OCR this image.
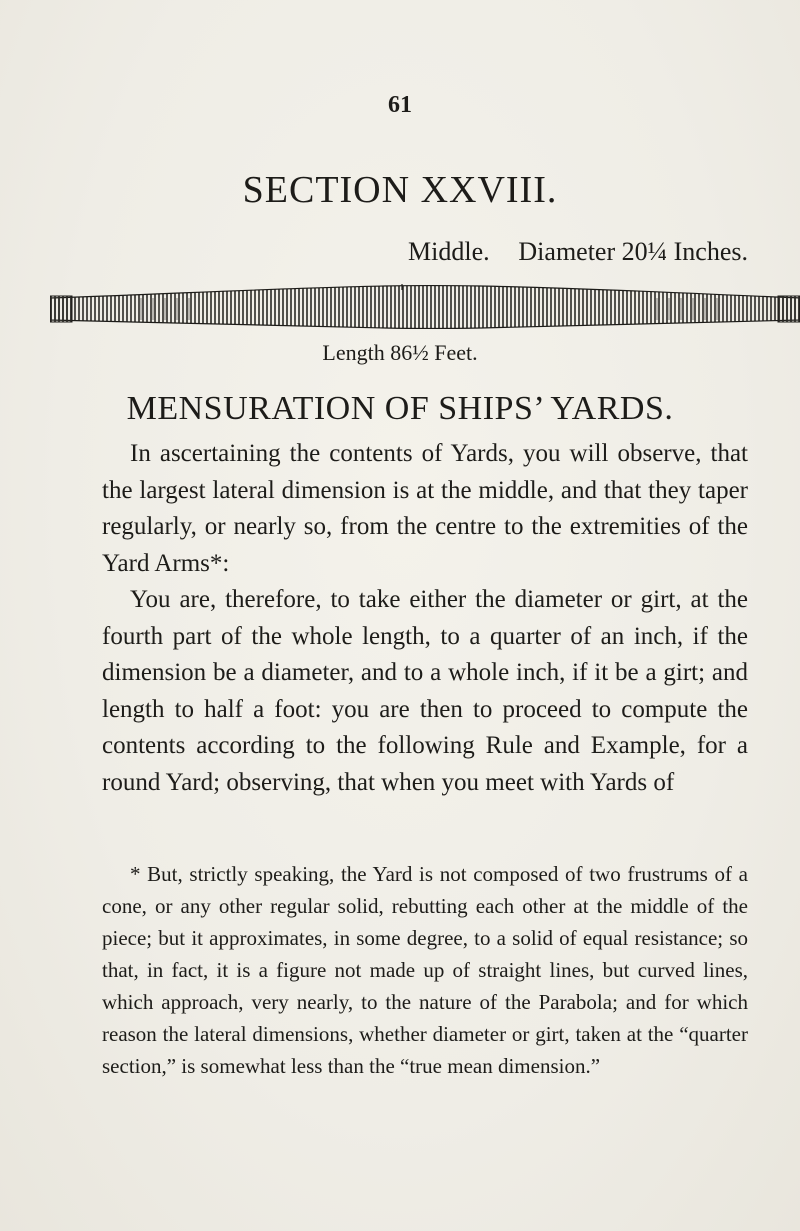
61
SECTION XXVIII.
Middle. Diameter 20¼ Inches.
Length 86½ Feet.
MENSURATION OF SHIPS’ YARDS.

In ascertaining the contents of Yards, you will observe, that the largest lateral dimension is at the middle, and that they taper regularly, or nearly so, from the centre to the extremities of the Yard Arms*:

You are, therefore, to take either the diameter or girt, at the fourth part of the whole length, to a quarter of an inch, if the dimension be a diameter, and to a whole inch, if it be a girt; and length to half a foot: you are then to proceed to compute the contents according to the following Rule and Example, for a round Yard; observing, that when you meet with Yards of

* But, strictly speaking, the Yard is not composed of two frustrums of a cone, or any other regular solid, rebutting each other at the middle of the piece; but it approximates, in some degree, to a solid of equal resistance; so that, in fact, it is a figure not made up of straight lines, but curved lines, which approach, very nearly, to the nature of the Parabola; and for which reason the lateral dimensions, whether diameter or girt, taken at the “quarter section,” is somewhat less than the “true mean dimension.”
